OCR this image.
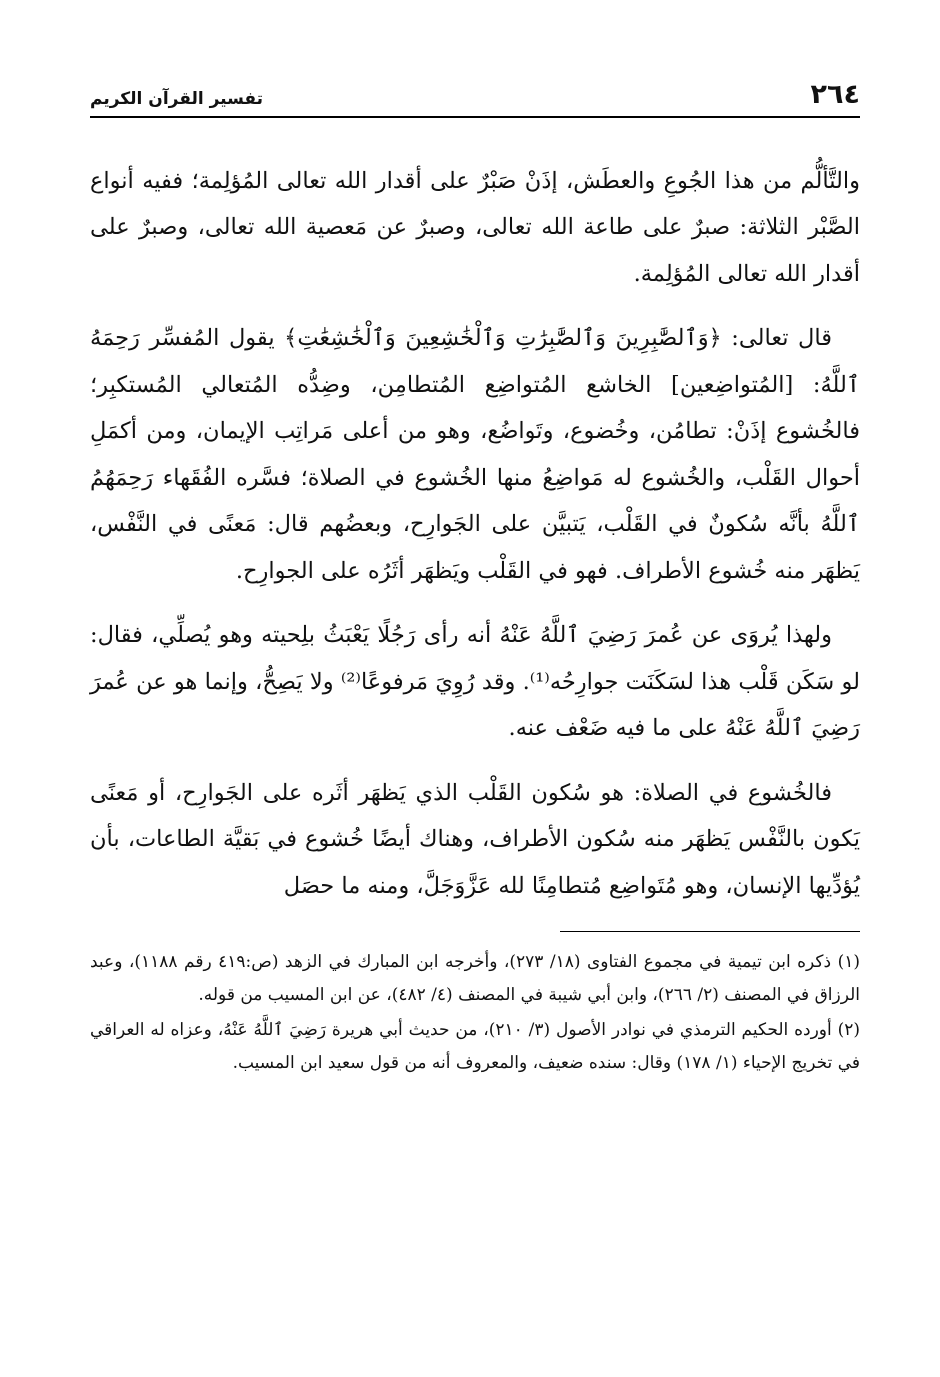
٢٦٤
تفسير القرآن الكريم

والتَّألُّم من هذا الجُوعِ والعطَش، إذَنْ صَبْرٌ على أقدار الله تعالى المُؤلِمة؛ ففيه أنواع الصَّبْر الثلاثة: صبرٌ على طاعة الله تعالى، وصبرٌ عن مَعصية الله تعالى، وصبرٌ على أقدار الله تعالى المُؤلِمة.

قال تعالى: ﴿وَٱلصَّٰبِرِينَ وَٱلصَّٰبِرَٰتِ وَٱلْخَٰشِعِينَ وَٱلْخَٰشِعَٰتِ﴾ يقول المُفسِّر رَحِمَهُ ٱللَّهُ: [المُتواضِعين] الخاشع المُتواضِع المُتطامِن، وضِدُّه المُتعالي المُستكبِر؛ فالخُشوع إذَنْ: تطامُن، وخُضوع، وتَواضُع، وهو من أعلى مَراتِب الإيمان، ومن أكمَلِ أحوال القَلْب، والخُشوع له مَواضِعُ منها الخُشوع في الصلاة؛ فسَّره الفُقَهاء رَحِمَهُمُ ٱللَّهُ بأنَّه سُكونٌ في القَلْب، يَتبيَّن على الجَوارِح، وبعضُهم قال: مَعنًى في النَّفْس، يَظهَر منه خُشوع الأطراف. فهو في القَلْب ويَظهَر أثَرُه على الجوارِح.

ولهذا يُروَى عن عُمرَ رَضِيَ ٱللَّهُ عَنْهُ أنه رأى رَجُلًا يَعْبَثُ بلِحيته وهو يُصلِّي، فقال: لو سَكَن قَلْب هذا لسَكَنَت جوارِحُه⁽¹⁾. وقد رُوِيَ مَرفوعًا⁽²⁾ ولا يَصِحُّ، وإنما هو عن عُمرَ رَضِيَ ٱللَّهُ عَنْهُ على ما فيه ضَعْف عنه.

فالخُشوع في الصلاة: هو سُكون القَلْب الذي يَظهَر أثَره على الجَوارِح، أو مَعنًى يَكون بالنَّفْس يَظهَر منه سُكون الأطراف، وهناك أيضًا خُشوع في بَقيَّة الطاعات، بأن يُؤدِّيها الإنسان، وهو مُتَواضِع مُتطامِنًا لله عَزَّوَجَلَّ، ومنه ما حصَل

(١) ذكره ابن تيمية في مجموع الفتاوى (١٨/ ٢٧٣)، وأخرجه ابن المبارك في الزهد (ص:٤١٩ رقم ١١٨٨)، وعبد الرزاق في المصنف (٢/ ٢٦٦)، وابن أبي شيبة في المصنف (٤/ ٤٨٢)، عن ابن المسيب من قوله.

(٢) أورده الحكيم الترمذي في نوادر الأصول (٣/ ٢١٠)، من حديث أبي هريرة رَضِيَ ٱللَّهُ عَنْهُ، وعزاه له العراقي في تخريج الإحياء (١/ ١٧٨) وقال: سنده ضعيف، والمعروف أنه من قول سعيد ابن المسيب.
